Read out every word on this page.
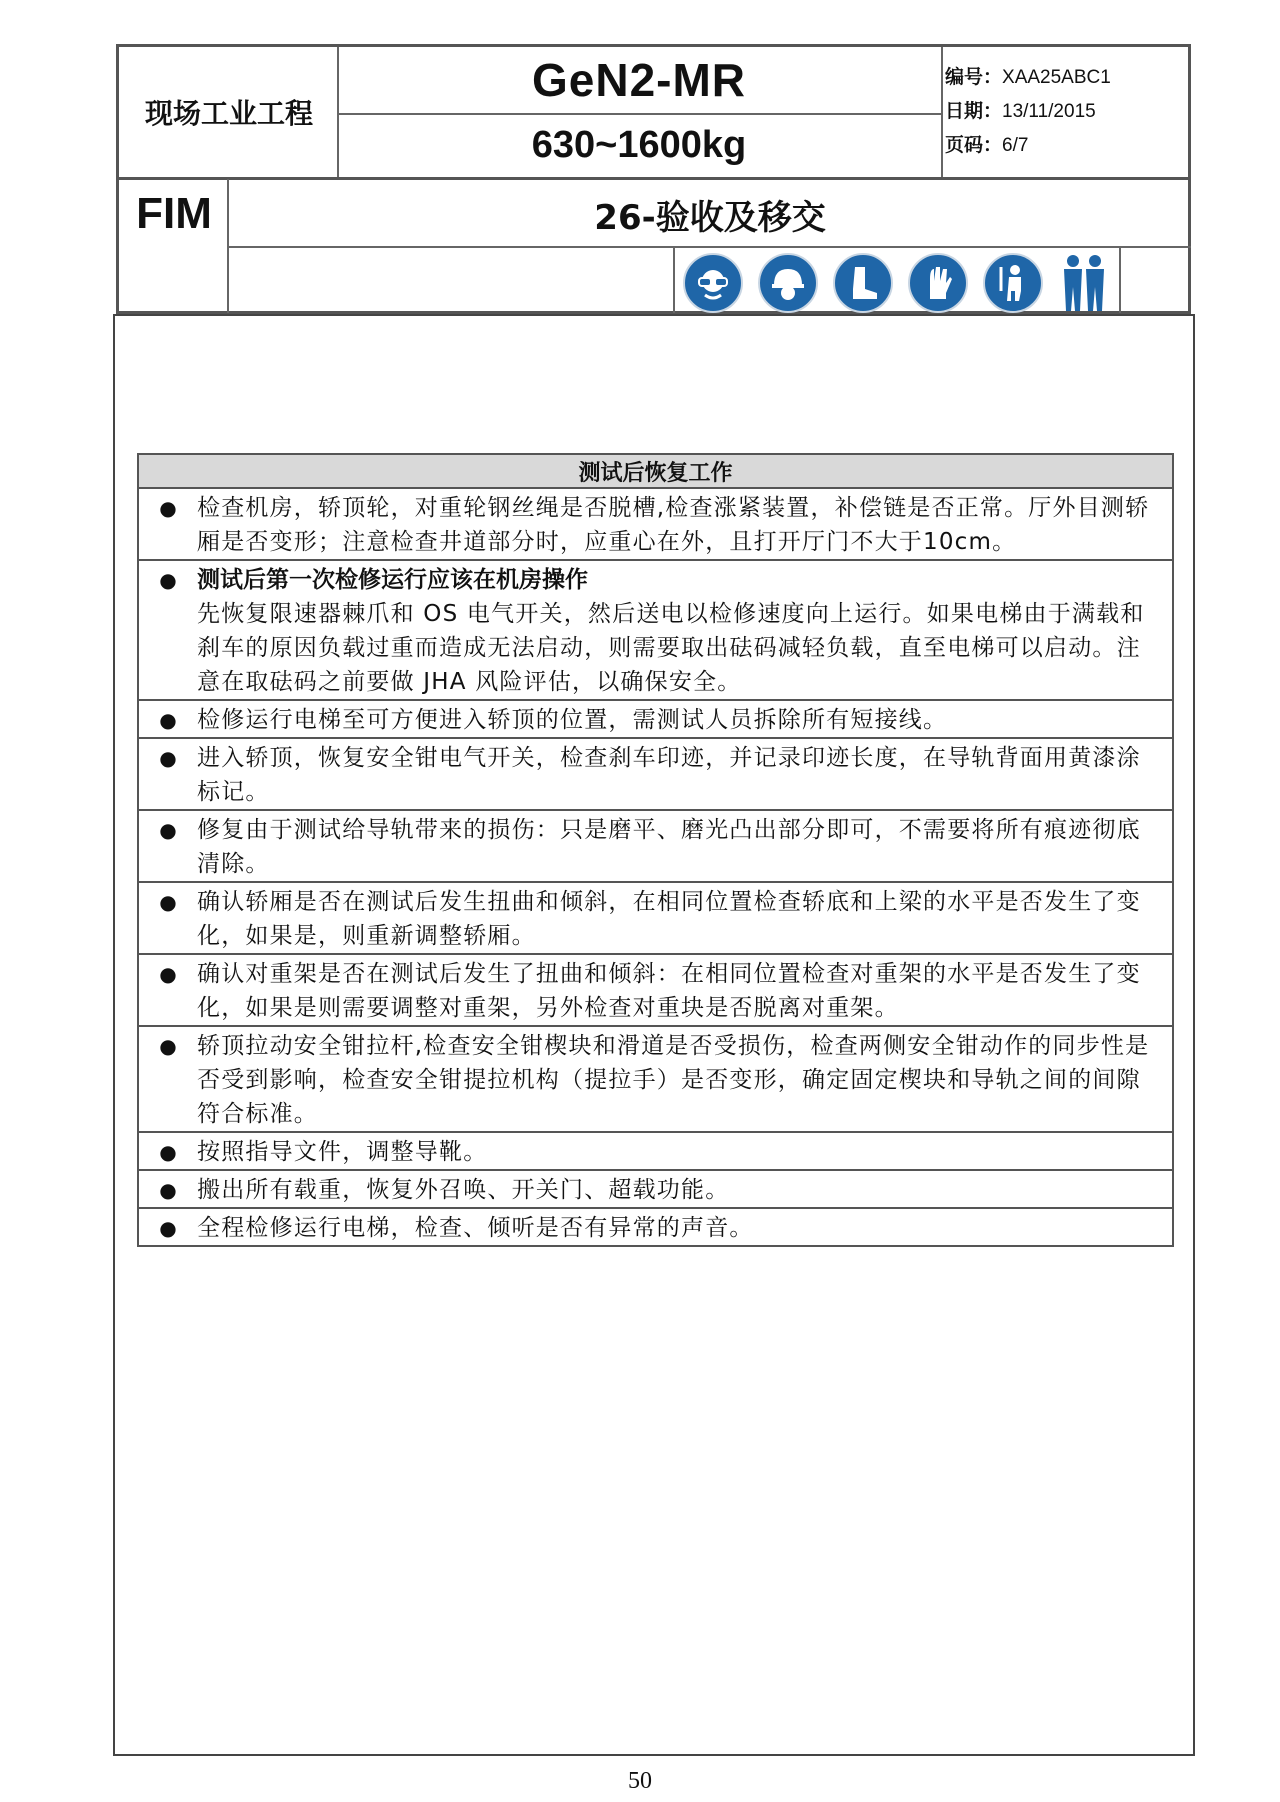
现场工业工程
GeN2-MR
630~1600kg
编号：XAA25ABC1
日期：13/11/2015
页码：6/7
FIM	26-验收及移交
测试后恢复工作
● 检查机房，轿顶轮，对重轮钢丝绳是否脱槽,检查涨紧装置，补偿链是否正常。厅外目测轿厢是否变形；注意检查井道部分时，应重心在外，且打开厅门不大于10cm。
● 测试后第一次检修运行应该在机房操作
先恢复限速器棘爪和 OS 电气开关，然后送电以检修速度向上运行。如果电梯由于满载和刹车的原因负载过重而造成无法启动，则需要取出砝码减轻负载，直至电梯可以启动。注意在取砝码之前要做 JHA 风险评估，以确保安全。
● 检修运行电梯至可方便进入轿顶的位置，需测试人员拆除所有短接线。
● 进入轿顶，恢复安全钳电气开关，检查刹车印迹，并记录印迹长度，在导轨背面用黄漆涂标记。
● 修复由于测试给导轨带来的损伤：只是磨平、磨光凸出部分即可，不需要将所有痕迹彻底清除。
● 确认轿厢是否在测试后发生扭曲和倾斜，在相同位置检查轿底和上梁的水平是否发生了变化，如果是，则重新调整轿厢。
● 确认对重架是否在测试后发生了扭曲和倾斜：在相同位置检查对重架的水平是否发生了变化，如果是则需要调整对重架，另外检查对重块是否脱离对重架。
● 轿顶拉动安全钳拉杆,检查安全钳楔块和滑道是否受损伤，检查两侧安全钳动作的同步性是否受到影响，检查安全钳提拉机构（提拉手）是否变形，确定固定楔块和导轨之间的间隙符合标准。
● 按照指导文件，调整导靴。
● 搬出所有载重，恢复外召唤、开关门、超载功能。
● 全程检修运行电梯，检查、倾听是否有异常的声音。
50
